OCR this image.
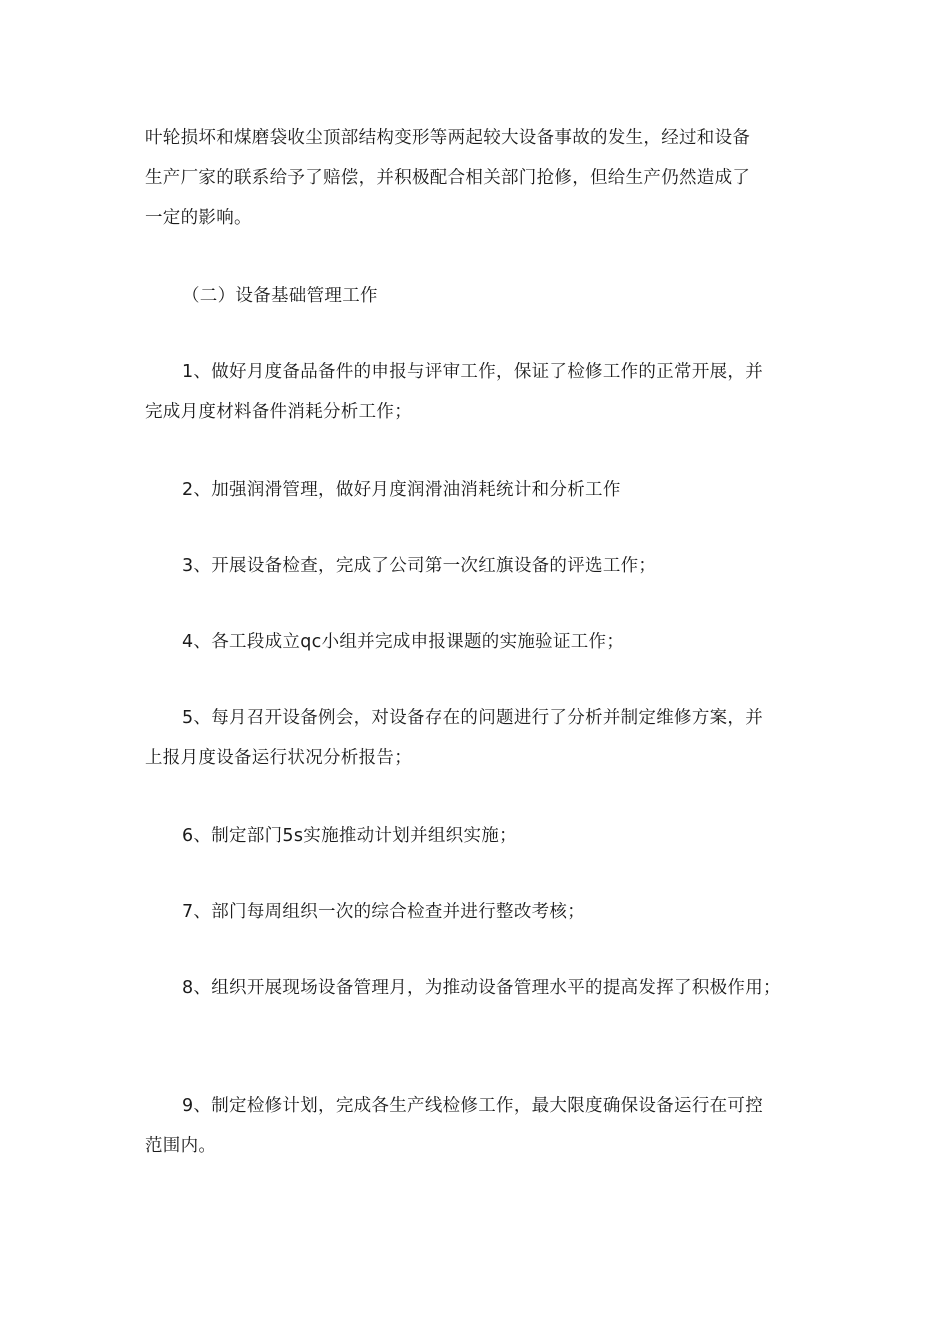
叶轮损坏和煤磨袋收尘顶部结构变形等两起较大设备事故的发生，经过和设备
生产厂家的联系给予了赔偿，并积极配合相关部门抢修，但给生产仍然造成了
一定的影响。
（二）设备基础管理工作
1、做好月度备品备件的申报与评审工作，保证了检修工作的正常开展，并
完成月度材料备件消耗分析工作；
2、加强润滑管理，做好月度润滑油消耗统计和分析工作
3、开展设备检查，完成了公司第一次红旗设备的评选工作；
4、各工段成立qc小组并完成申报课题的实施验证工作；
5、每月召开设备例会，对设备存在的问题进行了分析并制定维修方案，并
上报月度设备运行状况分析报告；
6、制定部门5s实施推动计划并组织实施；
7、部门每周组织一次的综合检查并进行整改考核；
8、组织开展现场设备管理月，为推动设备管理水平的提高发挥了积极作用；
9、制定检修计划，完成各生产线检修工作，最大限度确保设备运行在可控
范围内。
